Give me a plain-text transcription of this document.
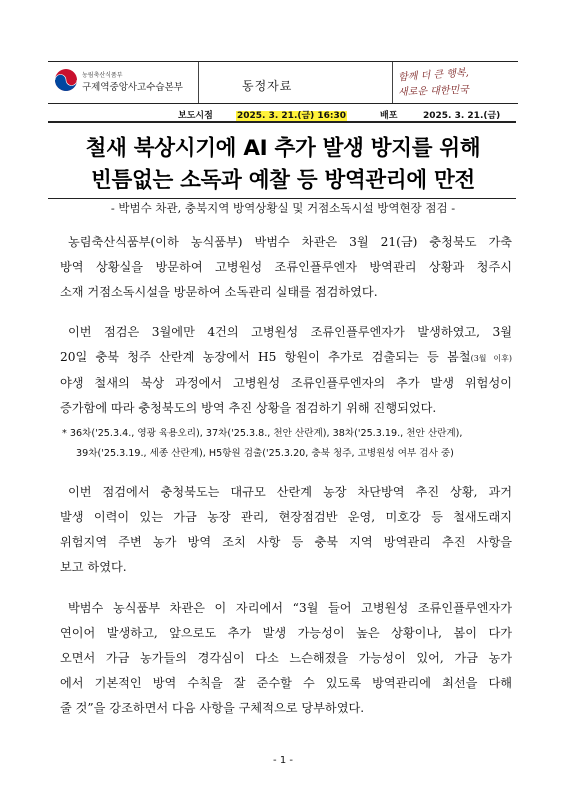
농림축산식품부
구제역중앙사고수습본부	동정자료
함께 더 큰 행복,
새로운 대한민국
보도시점	2025. 3. 21.(금) 16:30	배포	2025. 3. 21.(금)
철새 북상시기에 AI 추가 발생 방지를 위해
빈틈없는 소독과 예찰 등 방역관리에 만전
- 박범수 차관, 충북지역 방역상황실 및 거점소독시설 방역현장 점검 -
농림축산식품부(이하 농식품부) 박범수 차관은 3월 21(금) 충청북도 가축
방역 상황실을 방문하여 고병원성 조류인플루엔자 방역관리 상황과 청주시
소재 거점소독시설을 방문하여 소독관리 실태를 점검하였다.
이번 점검은 3월에만 4건의 고병원성 조류인플루엔자가 발생하였고, 3월
20일 충북 청주 산란계 농장에서 H5 항원이 추가로 검출되는 등 봄철(3월 이후)
야생 철새의 북상 과정에서 고병원성 조류인플루엔자의 추가 발생 위험성이
증가함에 따라 충청북도의 방역 추진 상황을 점검하기 위해 진행되었다.
* 36차('25.3.4., 영광 육용오리), 37차('25.3.8., 천안 산란계), 38차('25.3.19., 천안 산란계),
39차('25.3.19., 세종 산란계), H5항원 검출('25.3.20, 충북 청주, 고병원성 여부 검사 중)
이번 점검에서 충청북도는 대규모 산란계 농장 차단방역 추진 상황, 과거
발생 이력이 있는 가금 농장 관리, 현장점검반 운영, 미호강 등 철새도래지
위험지역 주변 농가 방역 조치 사항 등 충북 지역 방역관리 추진 사항을
보고 하였다.
박범수 농식품부 차관은 이 자리에서 “3월 들어 고병원성 조류인플루엔자가
연이어 발생하고, 앞으로도 추가 발생 가능성이 높은 상황이나, 봄이 다가
오면서 가금 농가들의 경각심이 다소 느슨해졌을 가능성이 있어, 가금 농가
에서 기본적인 방역 수칙을 잘 준수할 수 있도록 방역관리에 최선을 다해
줄 것”을 강조하면서 다음 사항을 구체적으로 당부하였다.
- 1 -
